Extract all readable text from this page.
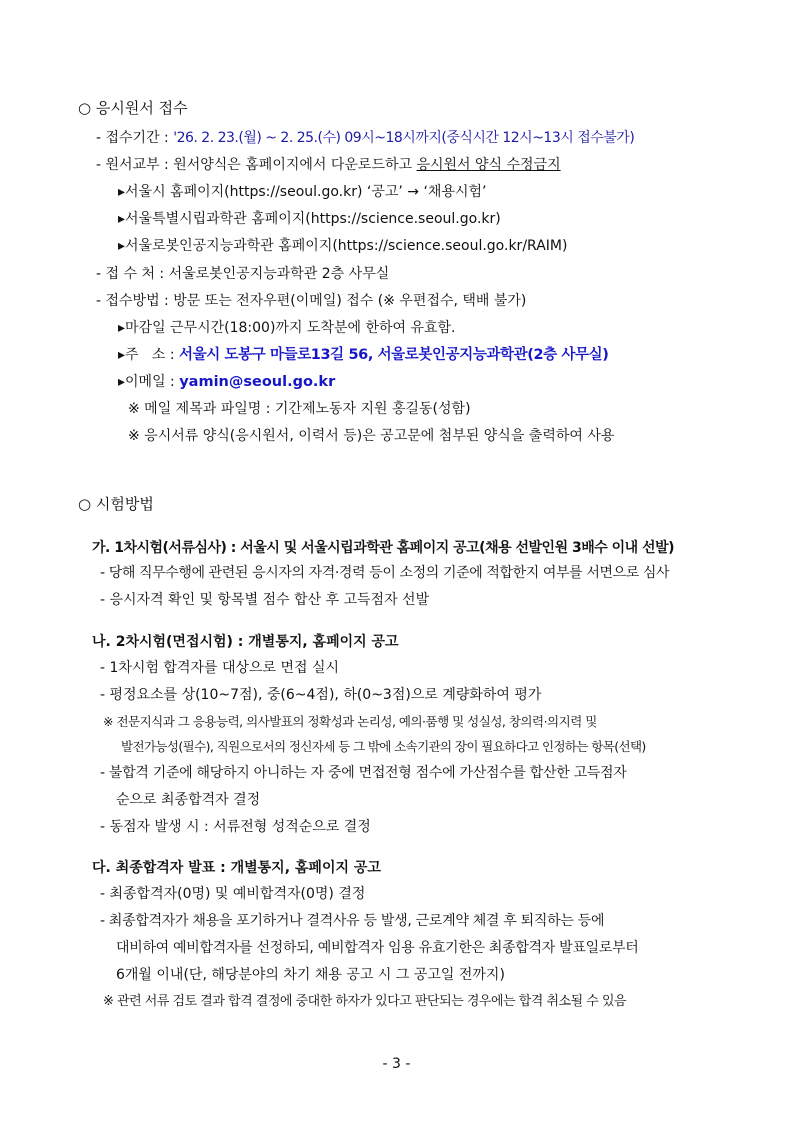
○ 응시원서 접수
- 접수기간 : '26. 2. 23.(월) ~ 2. 25.(수) 09시~18시까지(중식시간 12시~13시 접수불가)
- 원서교부 : 원서양식은 홈페이지에서 다운로드하고 응시원서 양식 수정금지
▸서울시 홈페이지(https://seoul.go.kr) ‘공고’ → ‘채용시험’
▸서울특별시립과학관 홈페이지(https://science.seoul.go.kr)
▸서울로봇인공지능과학관 홈페이지(https://science.seoul.go.kr/RAIM)
- 접 수 처 : 서울로봇인공지능과학관 2층 사무실
- 접수방법 : 방문 또는 전자우편(이메일) 접수 (※ 우편접수, 택배 불가)
▸마감일 근무시간(18:00)까지 도착분에 한하여 유효함.
▸주   소 : 서울시 도봉구 마들로13길 56, 서울로봇인공지능과학관(2층 사무실)
▸이메일 : yamin@seoul.go.kr
※ 메일 제목과 파일명 : 기간제노동자 지원 홍길동(성함)
※ 응시서류 양식(응시원서, 이력서 등)은 공고문에 첨부된 양식을 출력하여 사용
○ 시험방법
가. 1차시험(서류심사) : 서울시 및 서울시립과학관 홈페이지 공고(채용 선발인원 3배수 이내 선발)
- 당해 직무수행에 관련된 응시자의 자격·경력 등이 소정의 기준에 적합한지 여부를 서면으로 심사
- 응시자격 확인 및 항목별 점수 합산 후 고득점자 선발
나. 2차시험(면접시험) : 개별통지, 홈페이지 공고
- 1차시험 합격자를 대상으로 면접 실시
- 평정요소를 상(10~7점), 중(6~4점), 하(0~3점)으로 계량화하여 평가
※ 전문지식과 그 응용능력, 의사발표의 정확성과 논리성, 예의·품행 및 성실성, 창의력·의지력 및
발전가능성(필수), 직원으로서의 정신자세 등 그 밖에 소속기관의 장이 필요하다고 인정하는 항목(선택)
- 불합격 기준에 해당하지 아니하는 자 중에 면접전형 점수에 가산점수를 합산한 고득점자
순으로 최종합격자 결정
- 동점자 발생 시 : 서류전형 성적순으로 결정
다. 최종합격자 발표 : 개별통지, 홈페이지 공고
- 최종합격자(0명) 및 예비합격자(0명) 결정
- 최종합격자가 채용을 포기하거나 결격사유 등 발생, 근로계약 체결 후 퇴직하는 등에
대비하여 예비합격자를 선정하되, 예비합격자 임용 유효기한은 최종합격자 발표일로부터
6개월 이내(단, 해당분야의 차기 채용 공고 시 그 공고일 전까지)
※ 관련 서류 검토 결과 합격 결정에 중대한 하자가 있다고 판단되는 경우에는 합격 취소될 수 있음
- 3 -
